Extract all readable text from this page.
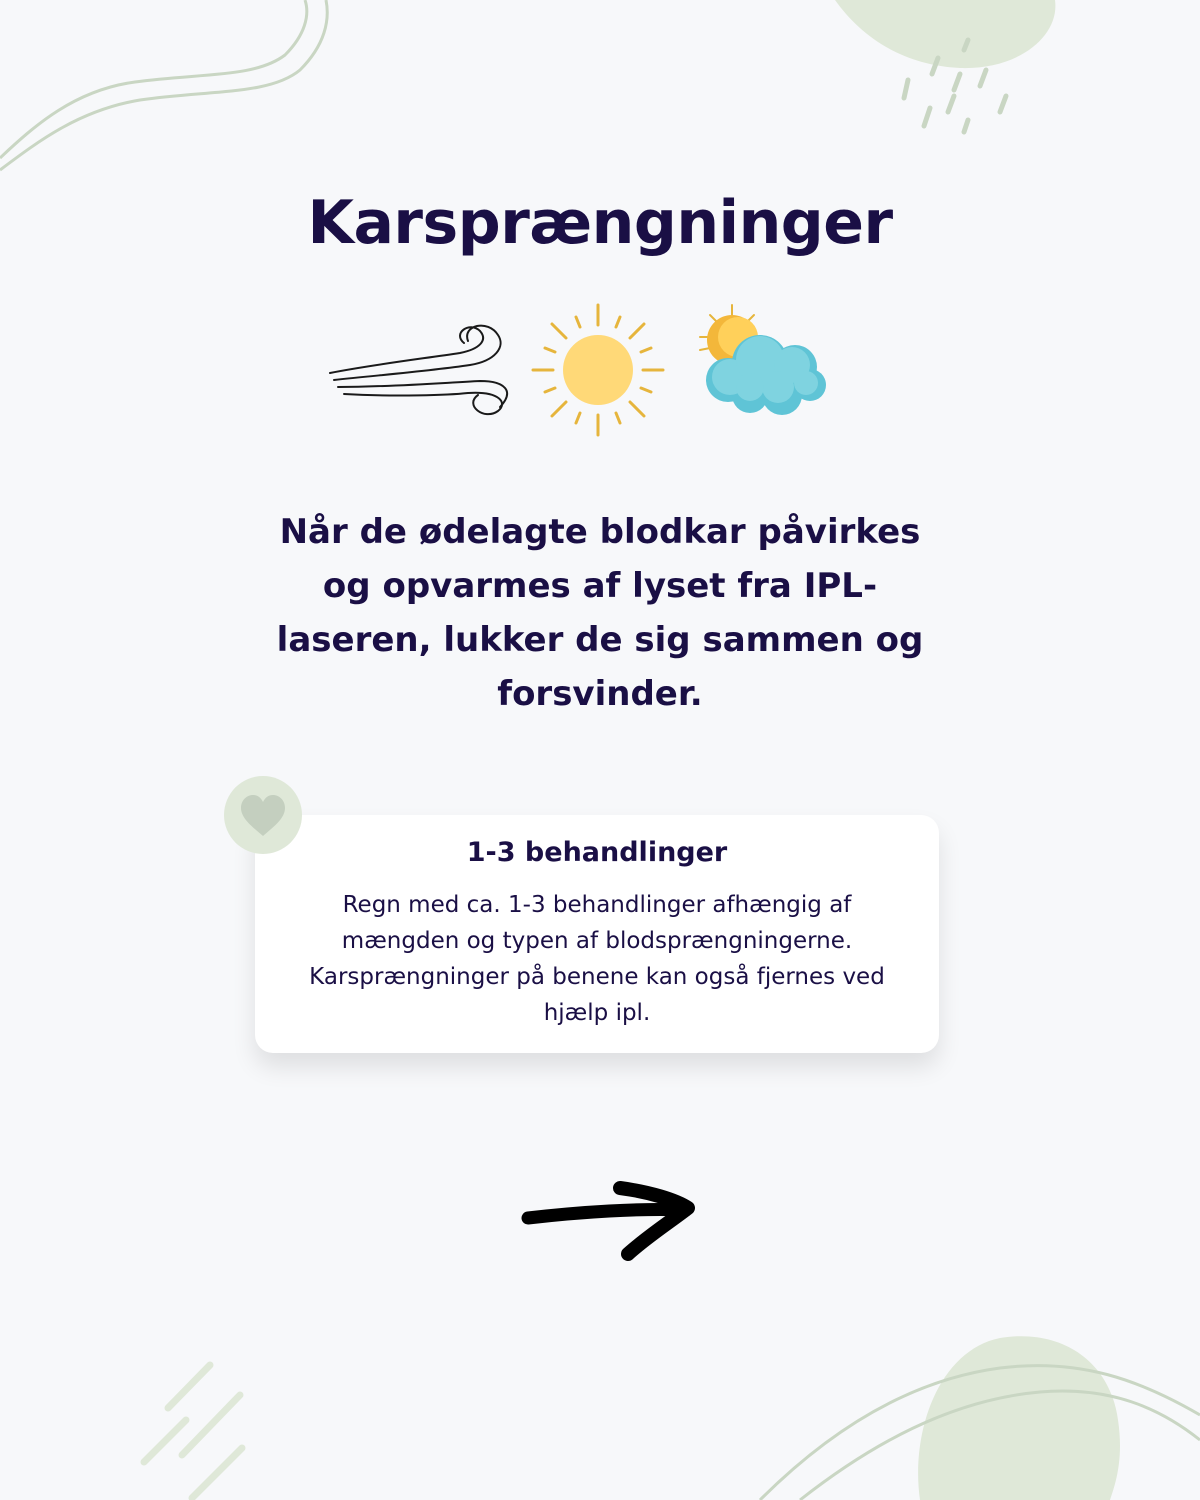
Karsprængninger

Når de ødelagte blodkar påvirkes og opvarmes af lyset fra IPL-laseren, lukker de sig sammen og forsvinder.

1-3 behandlinger

Regn med ca. 1-3 behandlinger afhængig af mængden og typen af blodsprængningerne. Karsprængninger på benene kan også fjernes ved hjælp ipl.
